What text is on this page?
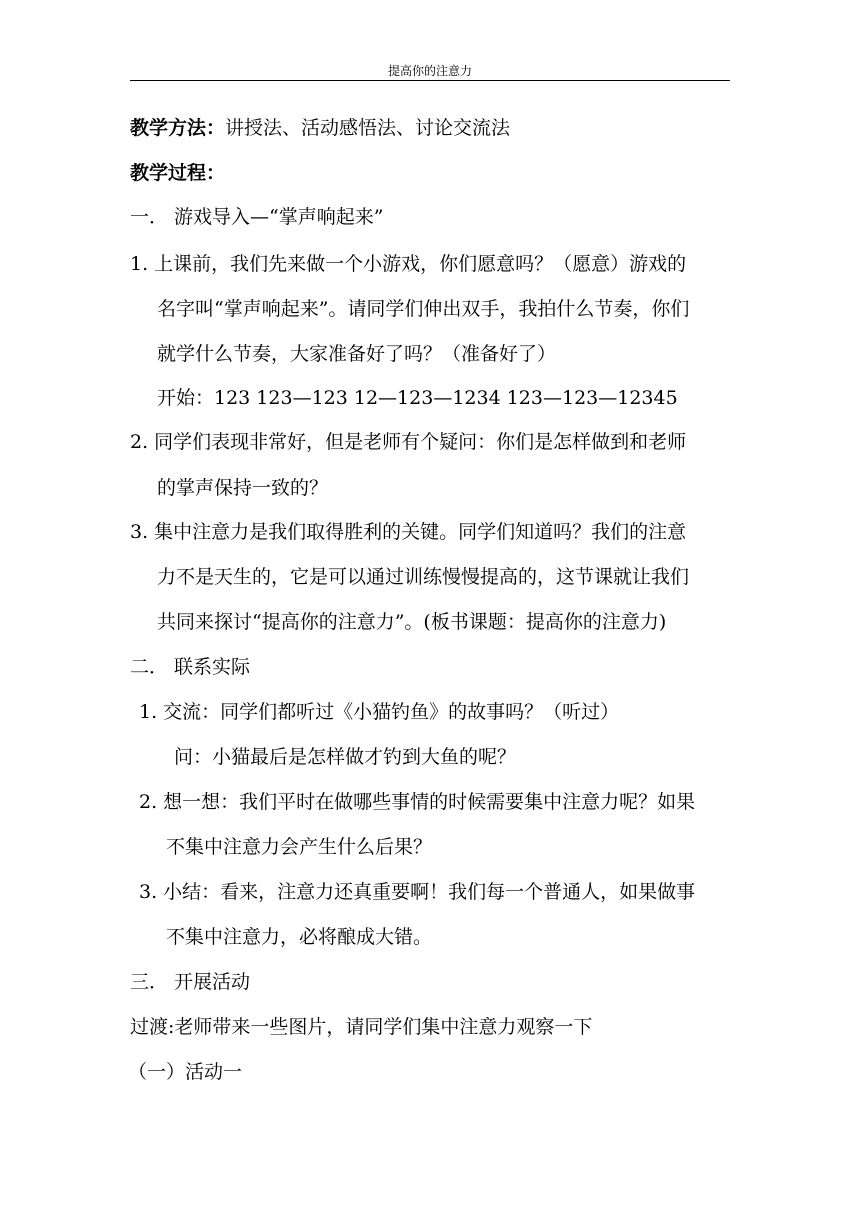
提高你的注意力
教学方法：讲授法、活动感悟法、讨论交流法
教学过程：
一． 游戏导入—“掌声响起来”
1. 上课前，我们先来做一个小游戏，你们愿意吗？（愿意）游戏的
名字叫“掌声响起来”。请同学们伸出双手，我拍什么节奏，你们
就学什么节奏，大家准备好了吗？（准备好了）
开始：123 123—123 12—123—1234 123—123—12345
2. 同学们表现非常好，但是老师有个疑问：你们是怎样做到和老师
的掌声保持一致的？
3. 集中注意力是我们取得胜利的关键。同学们知道吗？我们的注意
力不是天生的，它是可以通过训练慢慢提高的，这节课就让我们
共同来探讨“提高你的注意力”。(板书课题：提高你的注意力)
二． 联系实际
1. 交流：同学们都听过《小猫钓鱼》的故事吗？（听过）
问：小猫最后是怎样做才钓到大鱼的呢？
2. 想一想：我们平时在做哪些事情的时候需要集中注意力呢？如果
不集中注意力会产生什么后果？
3. 小结：看来，注意力还真重要啊！我们每一个普通人，如果做事
不集中注意力，必将酿成大错。
三． 开展活动
过渡:老师带来一些图片，请同学们集中注意力观察一下
（一）活动一
